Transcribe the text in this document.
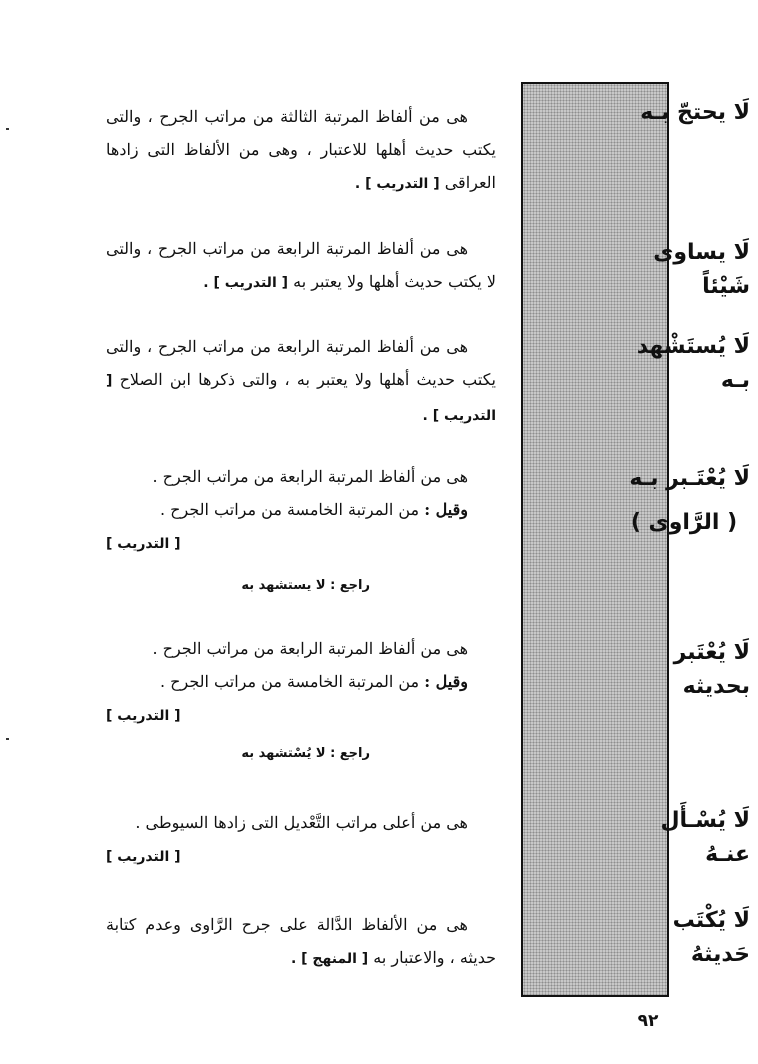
لَا يحتجّ بـه
لَا يساوى شَيْئاً
لَا يُستَشْهد بـه
لَا يُعْتَـبر بـه
( الرَّاوى )
لَا يُعْتَبر بحديثه
لَا يُسْـأَل عنـهُ
لَا يُكْتَب حَديثهُ

هى من ألفاظ المرتبة الثالثة من مراتب الجرح ، والتى يكتب حديث أهلها للاعتبار ، وهى من الألفاظ التى زادها العراقى [ التدريب ] .

هى من ألفاظ المرتبة الرابعة من مراتب الجرح ، والتى لا يكتب حديث أهلها ولا يعتبر به [ التدريب ] .

هى من ألفاظ المرتبة الرابعة من مراتب الجرح ، والتى يكتب حديث أهلها ولا يعتبر به ، والتى ذكرها ابن الصلاح [ التدريب ] .

هى من ألفاظ المرتبة الرابعة من مراتب الجرح .

وقيل : من المرتبة الخامسة من مراتب الجرح .

[ التدريب ]

راجع : لا يستشهد به

هى من ألفاظ المرتبة الرابعة من مراتب الجرح .

وقيل : من المرتبة الخامسة من مراتب الجرح .

[ التدريب ]

راجع : لا يُسْتشهد به

هى من أعلى مراتب التَّعْديل التى زادها السيوطى .

[ التدريب ]

هى من الألفاظ الدَّالة على جرح الرَّاوى وعدم كتابة حديثه ، والاعتبار به [ المنهج ] .

٩٢
